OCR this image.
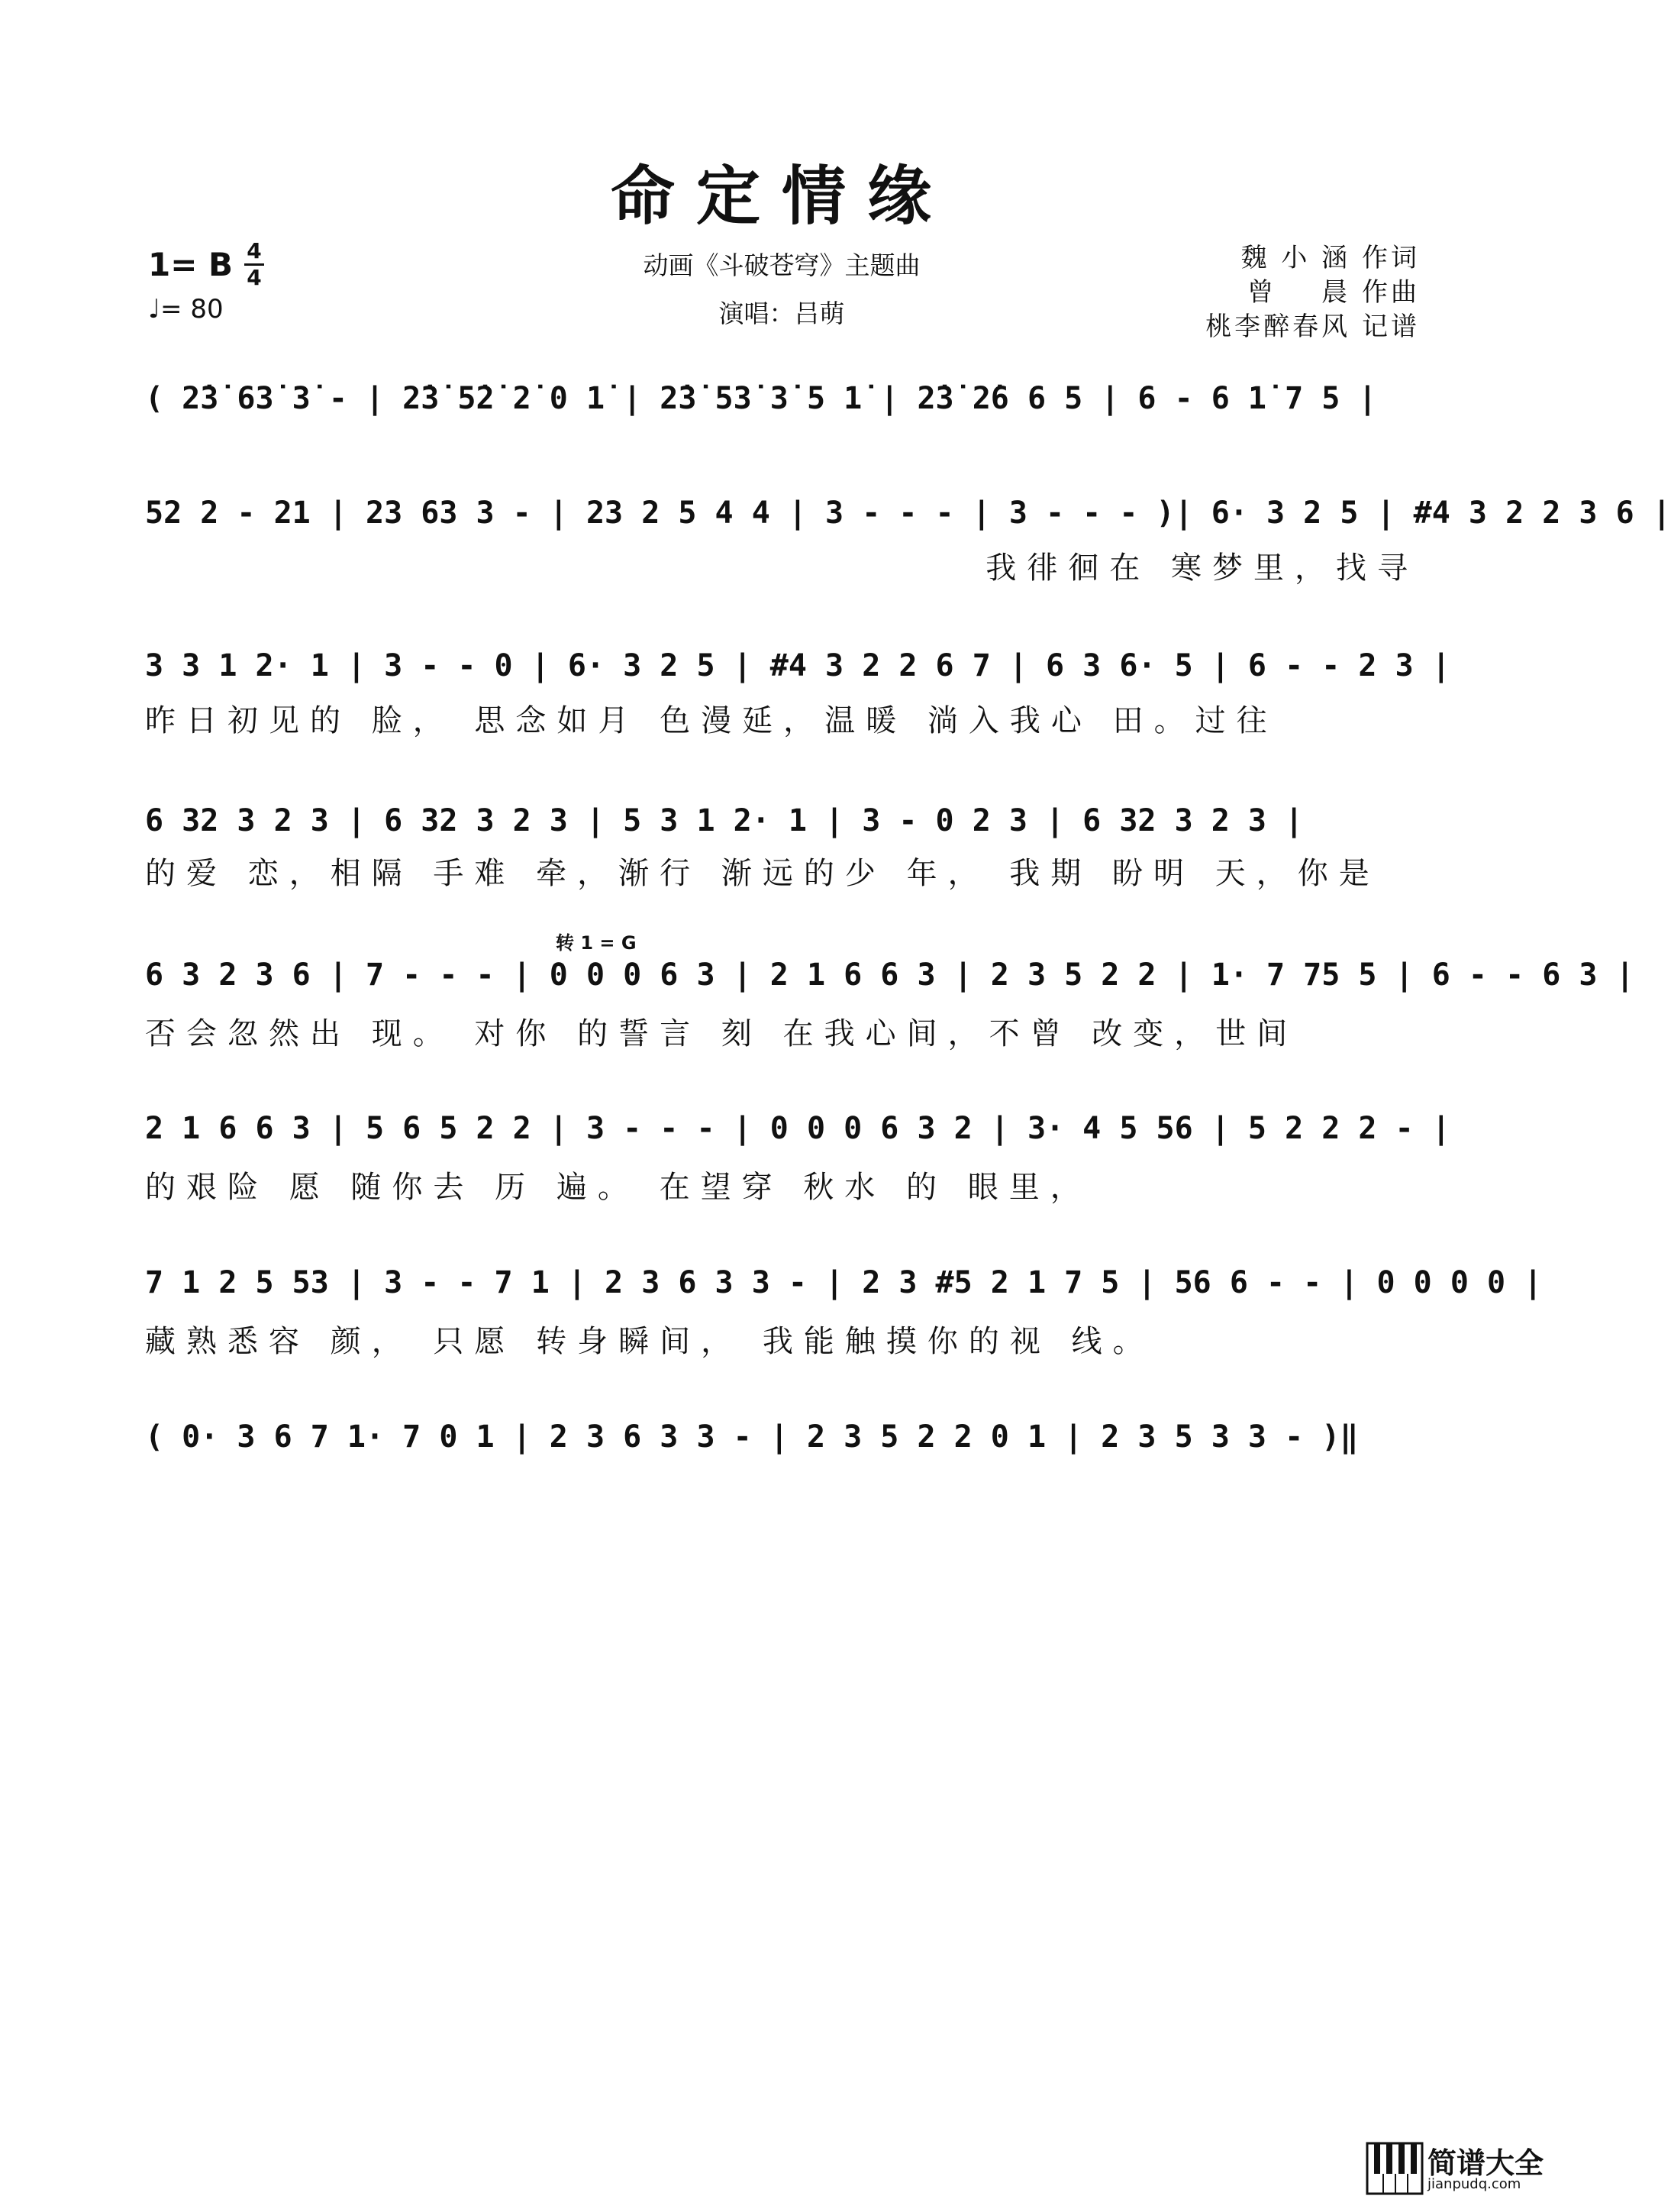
命定情缘
动画《斗破苍穹》主题曲
演唱：吕萌
魏 小 涵 作词
曾    晨 作曲
桃李醉春风 记谱
1= B 4
4
♩= 80
( 2̇3̇ 63̇ 3̇ - | 2̇3̇ 5̇2̇ 2̇ 0 1̇ | 2̇3̇ 53̇ 3̇ 5 1̇ | 2̇3̇ 2̇6 6 5 | 6 - 6 1̇ 7 5 |
52 2 - 21 | 23 63 3 - | 23 2 5 4 4 | 3 - - - | 3 - - - )| 6· 3 2 5 | #4 3 2 2 3 6 |
我徘徊在 寒梦里，找寻
3 3 1 2· 1 | 3 - - 0 | 6· 3 2 5 | #4 3 2 2 6 7 | 6 3 6· 5 | 6 - - 2 3 |
昨日初见的 脸， 思念如月 色漫延，温暖 淌入我心 田。过往
6 32 3 2 3 | 6 32 3 2 3 | 5 3 1 2· 1 | 3 - 0 2 3 | 6 32 3 2 3 |
的爱 恋，相隔 手难 牵，渐行 渐远的少 年， 我期 盼明 天，你是
转 1 = G
6 3 2 3 6 | 7 - - - | 0 0 0 6 3 | 2 1 6 6 3 | 2 3 5 2 2 | 1· 7 75 5 | 6 - - 6 3 |
否会忽然出 现。 对你 的誓言 刻 在我心间，不曾 改变，世间
2 1 6 6 3 | 5 6 5 2 2 | 3 - - - | 0 0 0 6 3 2 | 3· 4 5 56 | 5 2 2 2 - |
的艰险 愿 随你去 历 遍。 在望穿 秋水 的 眼里，
7 1 2 5 53 | 3 - - 7 1 | 2 3 6 3 3 - | 2 3 #5 2 1 7 5 | 56 6 - - | 0 0 0 0 |
藏熟悉容 颜， 只愿 转身瞬间， 我能触摸你的视 线。
( 0· 3 6 7 1· 7 0 1 | 2 3 6 3 3 - | 2 3 5 2 2 0 1 | 2 3 5 3 3 - )‖
简谱大全
jianpudq.com
